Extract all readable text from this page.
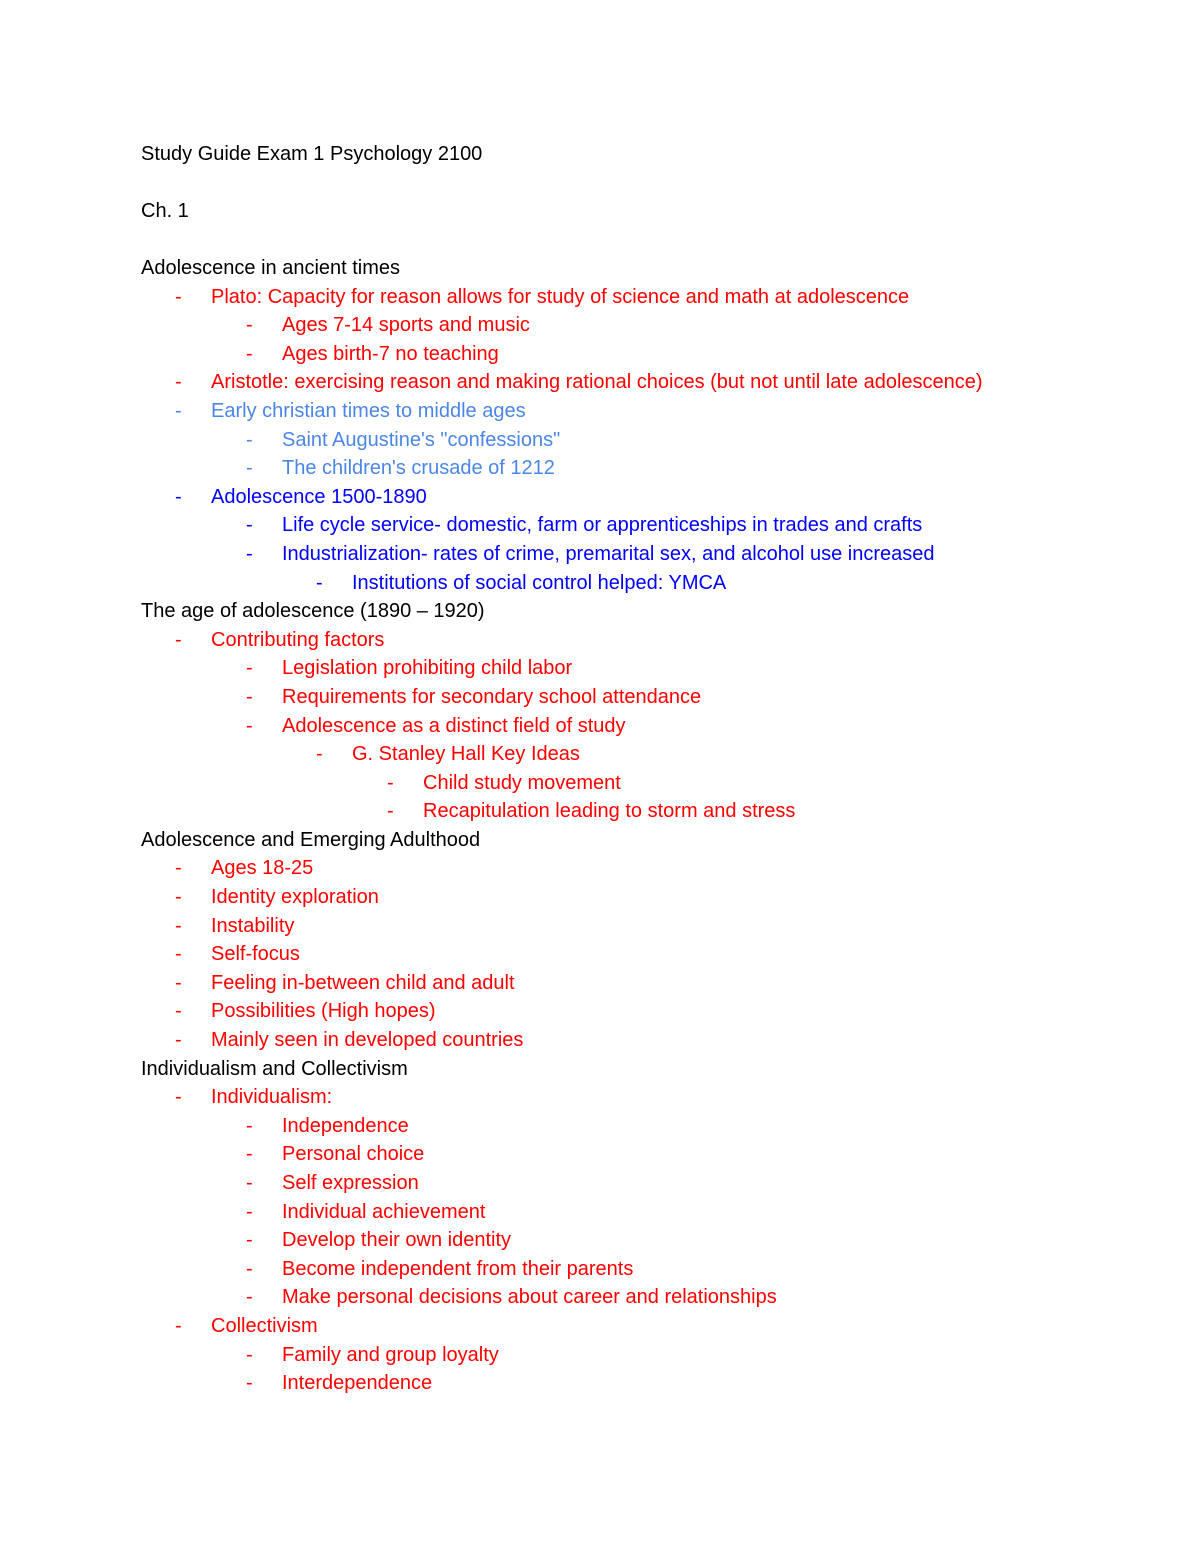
Study Guide Exam 1 Psychology 2100
Ch. 1
Adolescence in ancient times
- Plato: Capacity for reason allows for study of science and math at adolescence
- Ages 7-14 sports and music
- Ages birth-7 no teaching
- Aristotle: exercising reason and making rational choices (but not until late adolescence)
- Early christian times to middle ages
- Saint Augustine's "confessions"
- The children's crusade of 1212
- Adolescence 1500-1890
- Life cycle service- domestic, farm or apprenticeships in trades and crafts
- Industrialization- rates of crime, premarital sex, and alcohol use increased
- Institutions of social control helped: YMCA
The age of adolescence (1890 – 1920)
- Contributing factors
- Legislation prohibiting child labor
- Requirements for secondary school attendance
- Adolescence as a distinct field of study
- G. Stanley Hall Key Ideas
- Child study movement
- Recapitulation leading to storm and stress
Adolescence and Emerging Adulthood
- Ages 18-25
- Identity exploration
- Instability
- Self-focus
- Feeling in-between child and adult
- Possibilities (High hopes)
- Mainly seen in developed countries
Individualism and Collectivism
- Individualism:
- Independence
- Personal choice
- Self expression
- Individual achievement
- Develop their own identity
- Become independent from their parents
- Make personal decisions about career and relationships
- Collectivism
- Family and group loyalty
- Interdependence
